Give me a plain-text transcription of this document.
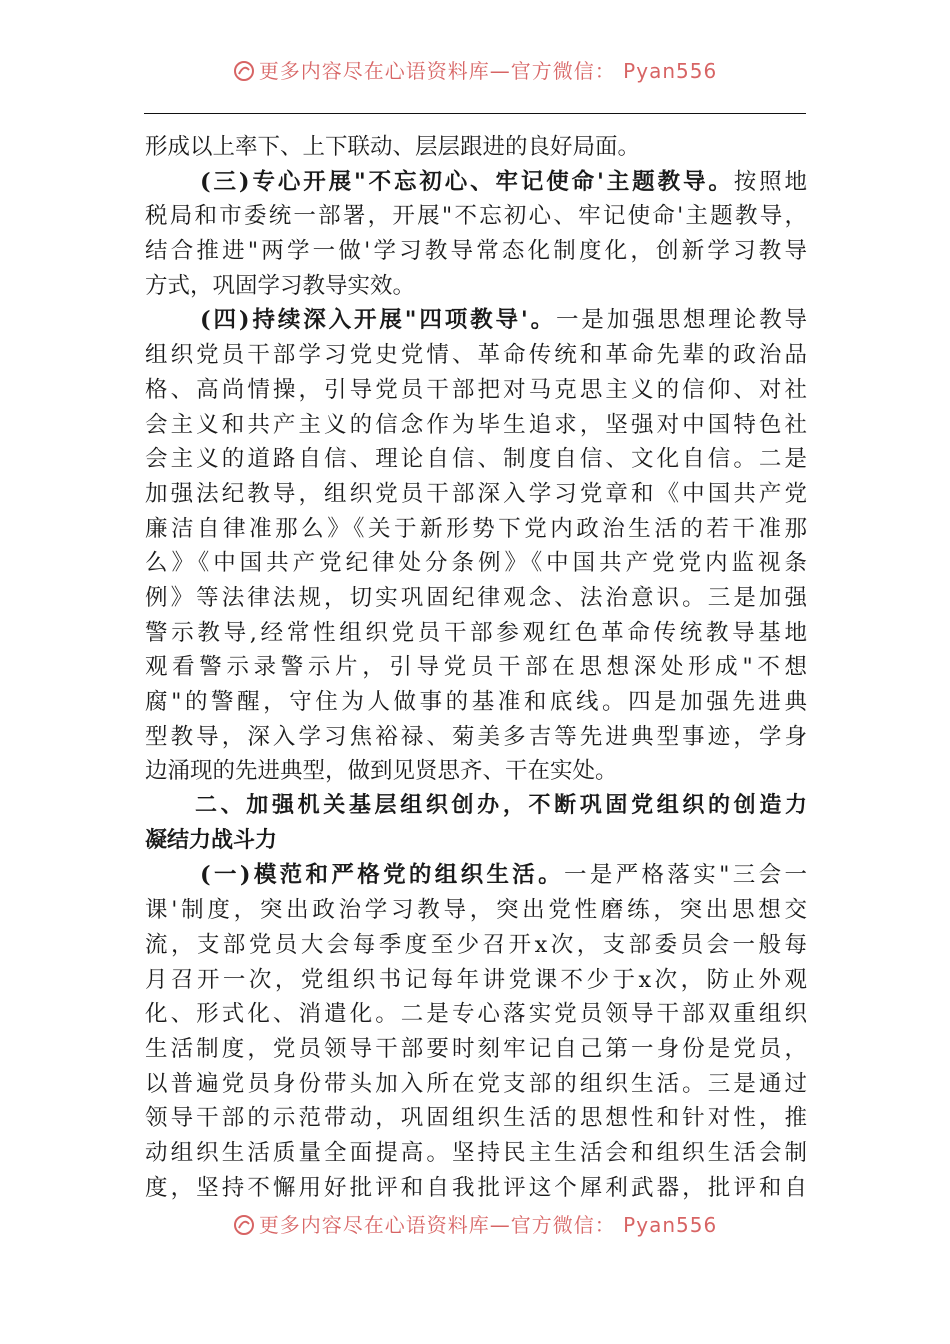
更多内容尽在心语资料库—官方微信： Pyan556
形成以上率下、上下联动、层层跟进的良好局面。
(三)专心开展"不忘初心、牢记使命'主题教导。按照地
税局和市委统一部署，开展"不忘初心、牢记使命'主题教导，
结合推进"两学一做'学习教导常态化制度化，创新学习教导
方式，巩固学习教导实效。
(四)持续深入开展"四项教导'。一是加强思想理论教导
组织党员干部学习党史党情、革命传统和革命先辈的政治品
格、高尚情操，引导党员干部把对马克思主义的信仰、对社
会主义和共产主义的信念作为毕生追求，坚强对中国特色社
会主义的道路自信、理论自信、制度自信、文化自信。二是
加强法纪教导，组织党员干部深入学习党章和《中国共产党
廉洁自律准那么》《关于新形势下党内政治生活的若干准那
么》《中国共产党纪律处分条例》《中国共产党党内监视条
例》等法律法规，切实巩固纪律观念、法治意识。三是加强
警示教导,经常性组织党员干部参观红色革命传统教导基地
观看警示录警示片，引导党员干部在思想深处形成"不想
腐"的警醒，守住为人做事的基准和底线。四是加强先进典
型教导，深入学习焦裕禄、菊美多吉等先进典型事迹，学身
边涌现的先进典型，做到见贤思齐、干在实处。
二、加强机关基层组织创办，不断巩固党组织的创造力
凝结力战斗力
(一)模范和严格党的组织生活。一是严格落实"三会一
课'制度，突出政治学习教导，突出党性磨练，突出思想交
流，支部党员大会每季度至少召开x次，支部委员会一般每
月召开一次，党组织书记每年讲党课不少于x次，防止外观
化、形式化、消遣化。二是专心落实党员领导干部双重组织
生活制度，党员领导干部要时刻牢记自己第一身份是党员，
以普遍党员身份带头加入所在党支部的组织生活。三是通过
领导干部的示范带动，巩固组织生活的思想性和针对性，推
动组织生活质量全面提高。坚持民主生活会和组织生活会制
度，坚持不懈用好批评和自我批评这个犀利武器，批评和自
更多内容尽在心语资料库—官方微信： Pyan556
